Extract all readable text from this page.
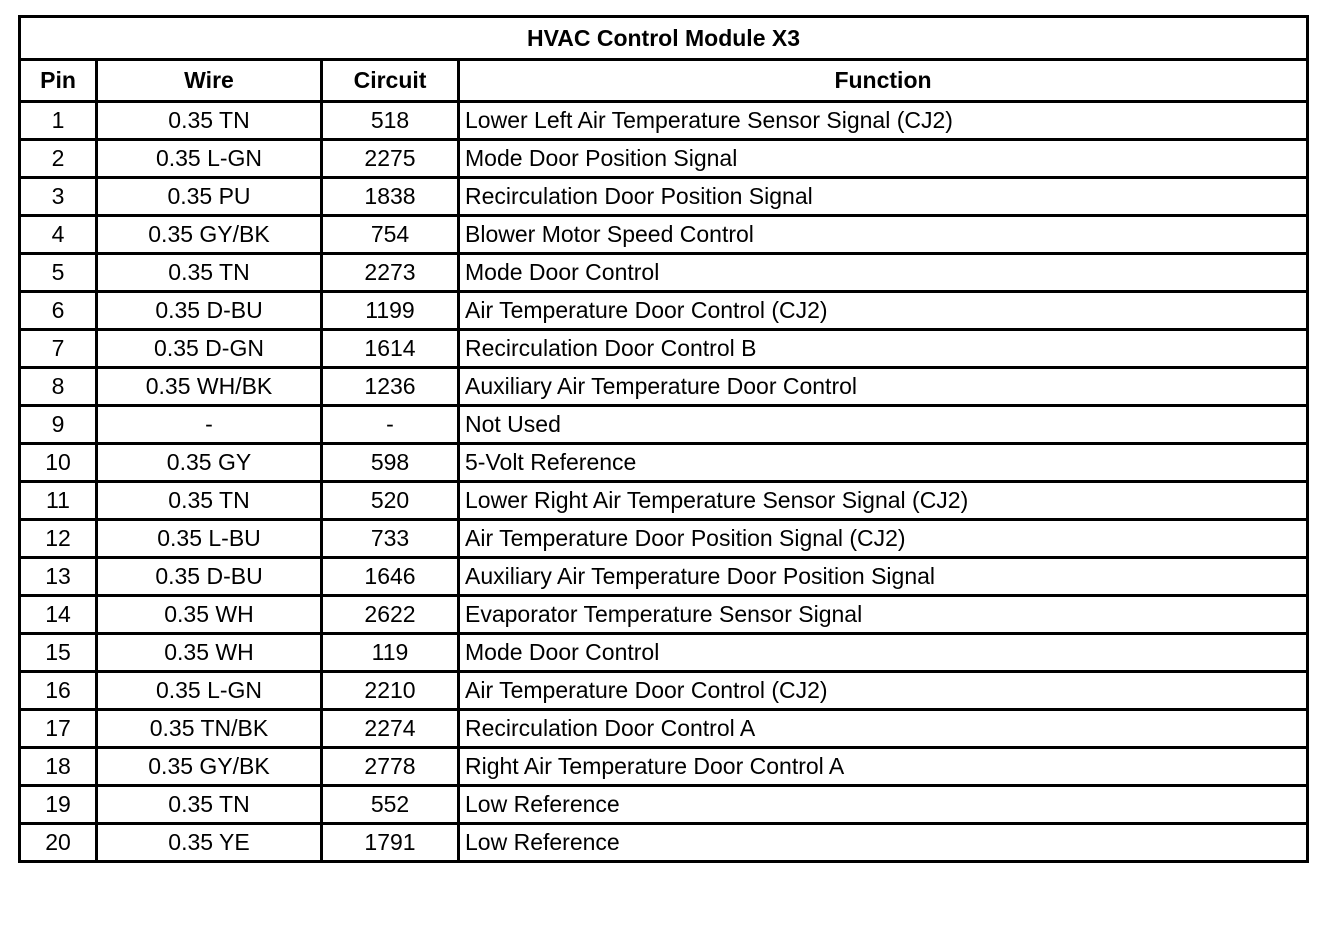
HVAC Control Module X3			
Pin	Wire	Circuit	Function
1	0.35 TN	518	Lower Left Air Temperature Sensor Signal (CJ2)
2	0.35 L-GN	2275	Mode Door Position Signal
3	0.35 PU	1838	Recirculation Door Position Signal
4	0.35 GY/BK	754	Blower Motor Speed Control
5	0.35 TN	2273	Mode Door Control
6	0.35 D-BU	1199	Air Temperature Door Control (CJ2)
7	0.35 D-GN	1614	Recirculation Door Control B
8	0.35 WH/BK	1236	Auxiliary Air Temperature Door Control
9	-	-	Not Used
10	0.35 GY	598	5-Volt Reference
11	0.35 TN	520	Lower Right Air Temperature Sensor Signal (CJ2)
12	0.35 L-BU	733	Air Temperature Door Position Signal (CJ2)
13	0.35 D-BU	1646	Auxiliary Air Temperature Door Position Signal
14	0.35 WH	2622	Evaporator Temperature Sensor Signal
15	0.35 WH	119	Mode Door Control
16	0.35 L-GN	2210	Air Temperature Door Control (CJ2)
17	0.35 TN/BK	2274	Recirculation Door Control A
18	0.35 GY/BK	2778	Right Air Temperature Door Control A
19	0.35 TN	552	Low Reference
20	0.35 YE	1791	Low Reference
